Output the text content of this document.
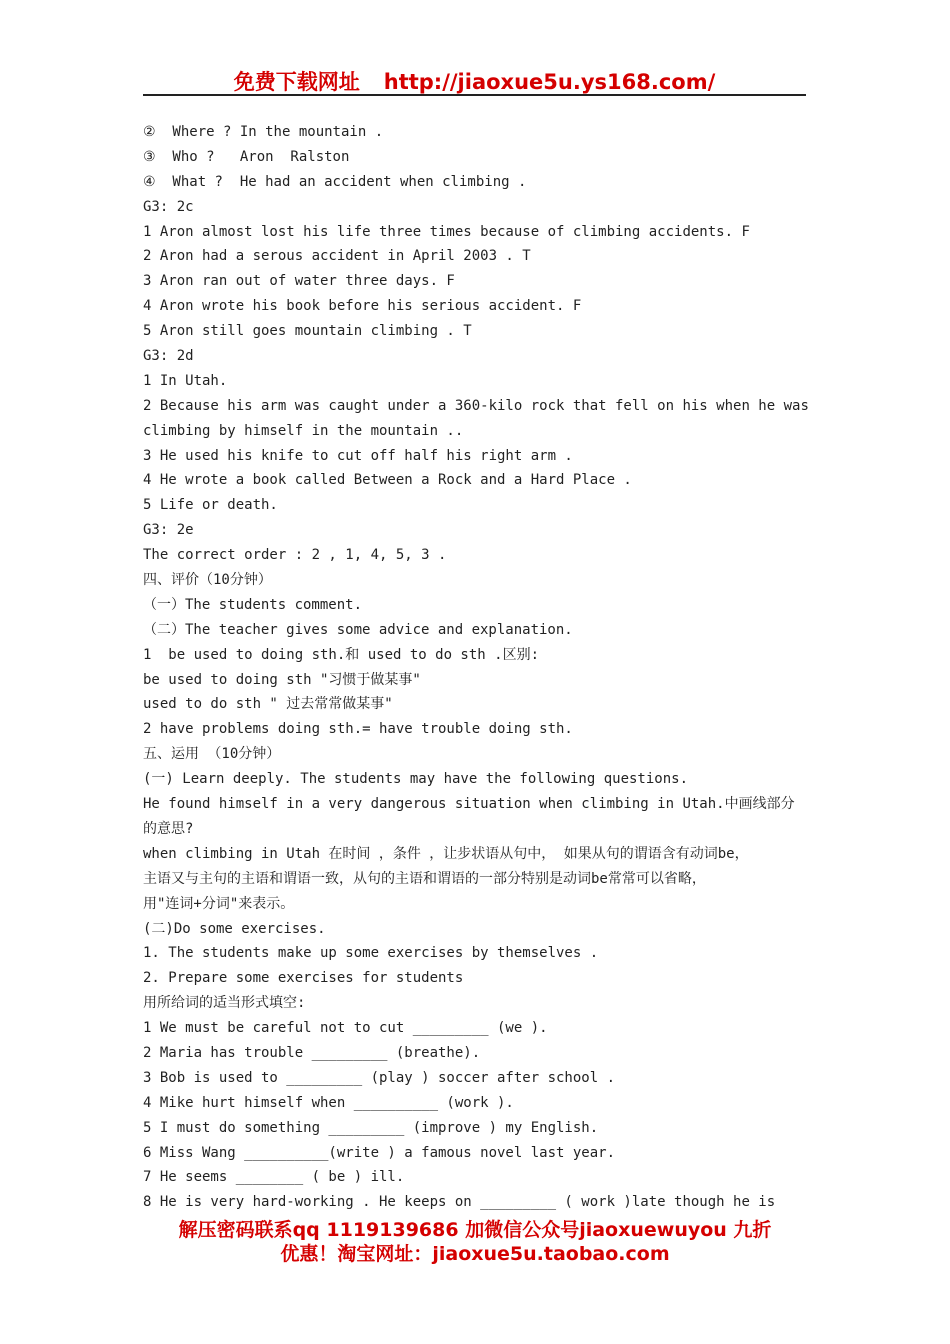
免费下载网址 http://jiaoxue5u.ys168.com/
②  Where ? In the mountain .
③  Who ?   Aron  Ralston
④  What ?  He had an accident when climbing .
G3: 2c
1 Aron almost lost his life three times because of climbing accidents. F
2 Aron had a serous accident in April 2003 . T
3 Aron ran out of water three days. F
4 Aron wrote his book before his serious accident. F
5 Aron still goes mountain climbing . T
G3: 2d
1 In Utah.
2 Because his arm was caught under a 360-kilo rock that fell on his when he was
climbing by himself in the mountain ..
3 He used his knife to cut off half his right arm .
4 He wrote a book called Between a Rock and a Hard Place .
5 Life or death.
G3: 2e
The correct order : 2 , 1, 4, 5, 3 .
四、评价（10分钟）
（一）The students comment.
（二）The teacher gives some advice and explanation.
1  be used to doing sth.和 used to do sth .区别:
be used to doing sth "习惯于做某事"
used to do sth " 过去常常做某事"
2 have problems doing sth.= have trouble doing sth.
五、运用 （10分钟）
(一) Learn deeply. The students may have the following questions.
He found himself in a very dangerous situation when climbing in Utah.中画线部分
的意思?
when climbing in Utah 在时间 ，条件 ，让步状语从句中， 如果从句的谓语含有动词be，
主语又与主句的主语和谓语一致，从句的主语和谓语的一部分特别是动词be常常可以省略，
用"连词+分词"来表示。
(二)Do some exercises.
1. The students make up some exercises by themselves .
2. Prepare some exercises for students
用所给词的适当形式填空:
1 We must be careful not to cut _________ (we ).
2 Maria has trouble _________ (breathe).
3 Bob is used to _________ (play ) soccer after school .
4 Mike hurt himself when __________ (work ).
5 I must do something _________ (improve ) my English.
6 Miss Wang __________(write ) a famous novel last year.
7 He seems ________ ( be ) ill.
8 He is very hard-working . He keeps on _________ ( work )late though he is
解压密码联系qq 1119139686 加微信公众号jiaoxuewuyou 九折
优惠！淘宝网址：jiaoxue5u.taobao.com
